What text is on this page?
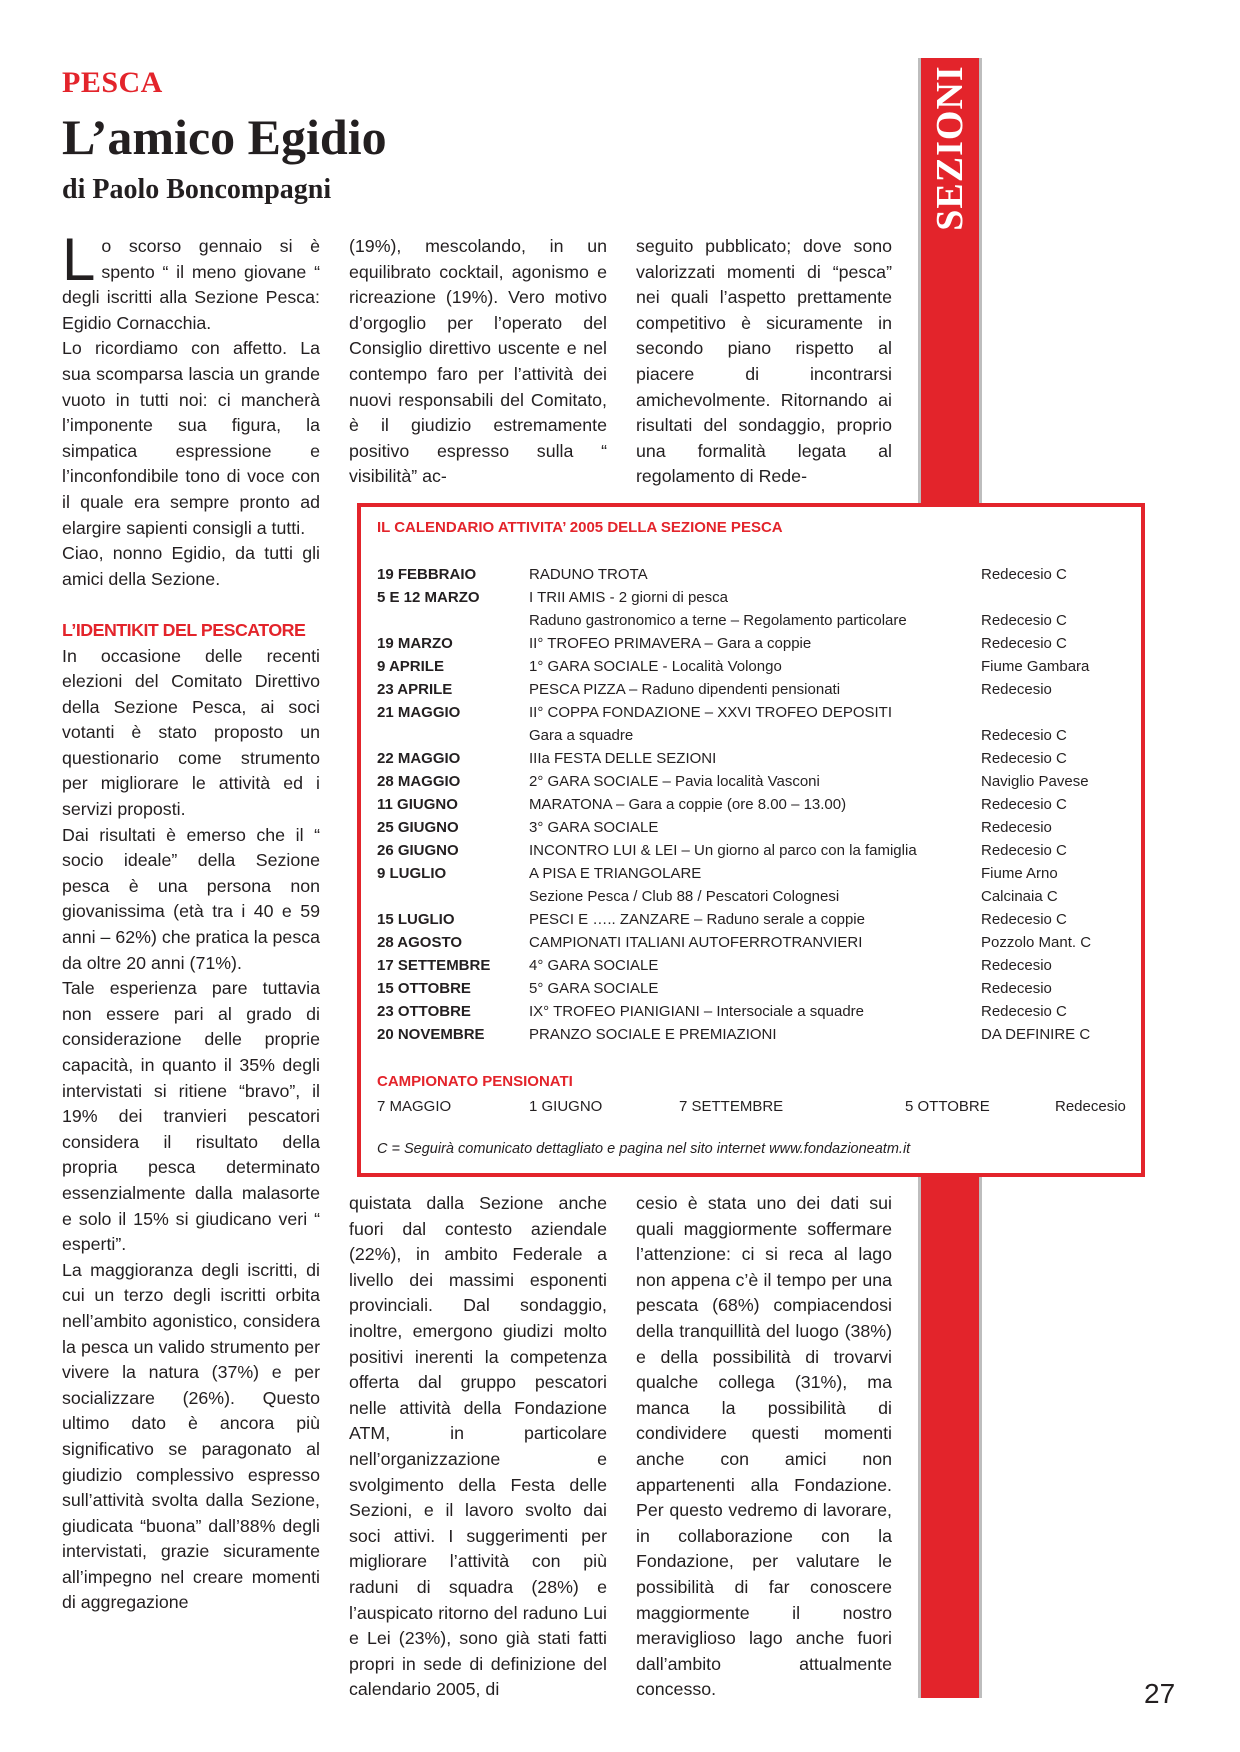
PESCA
L’amico Egidio
di Paolo Boncompagni	SEZIONI

Lo scorso gennaio si è spento “ il meno giovane “ degli iscritti alla Sezione Pesca: Egidio Cornacchia.

Lo ricordiamo con affetto. La sua scomparsa lascia un grande vuoto in tutti noi: ci mancherà l’imponente sua figura, la simpatica espressione e l’inconfondibile tono di voce con il quale era sempre pronto ad elargire sapienti consigli a tutti.

Ciao, nonno Egidio, da tutti gli amici della Sezione.

L’IDENTIKIT DEL PESCATORE

In occasione delle recenti elezioni del Comitato Direttivo della Sezione Pesca, ai soci votanti è stato proposto un questionario come strumento per migliorare le attività ed i servizi proposti.

Dai risultati è emerso che il “ socio ideale” della Sezione pesca è una persona non giovanissima (età tra i 40 e 59 anni – 62%) che pratica la pesca da oltre 20 anni (71%).

Tale esperienza pare tuttavia non essere pari al grado di considerazione delle proprie capacità, in quanto il 35% degli intervistati si ritiene “bravo”, il 19% dei tranvieri pescatori considera il risultato della propria pesca determinato essenzialmente dalla malasorte e solo il 15% si giudicano veri “ esperti”.

La maggioranza degli iscritti, di cui un terzo degli iscritti orbita nell’ambito agonistico, considera la pesca un valido strumento per vivere la natura (37%) e per socializzare (26%). Questo ultimo dato è ancora più significativo se paragonato al giudizio complessivo espresso sull’attività svolta dalla Sezione, giudicata “buona” dall’88% degli intervistati, grazie sicuramente all’impegno nel creare momenti di aggregazione

(19%), mescolando, in un equilibrato cocktail, agonismo e ricreazione (19%). Vero motivo d’orgoglio per l’operato del Consiglio direttivo uscente e nel contempo faro per l’attività dei nuovi responsabili del Comitato, è il giudizio estremamente positivo espresso sulla “ visibilità” ac-

seguito pubblicato; dove sono valorizzati momenti di “pesca” nei quali l’aspetto prettamente competitivo è sicuramente in secondo piano rispetto al piacere di incontrarsi amichevolmente. Ritornando ai risultati del sondaggio, proprio una formalità legata al regolamento di Rede-

IL CALENDARIO ATTIVITA’ 2005 DELLA SEZIONE PESCA
19 FEBBRAIO	RADUNO TROTA	Redecesio C
5 E 12 MARZO	I TRII AMIS - 2 giorni di pesca
Raduno gastronomico a terne – Regolamento particolare	Redecesio C
19 MARZO	II° TROFEO PRIMAVERA – Gara a coppie	Redecesio C
9 APRILE	1° GARA SOCIALE - Località Volongo	Fiume Gambara
23 APRILE	PESCA PIZZA – Raduno dipendenti pensionati	Redecesio
21 MAGGIO	II° COPPA FONDAZIONE – XXVI TROFEO DEPOSITI
Gara a squadre	Redecesio C
22 MAGGIO	IIIa FESTA DELLE SEZIONI	Redecesio C
28 MAGGIO	2° GARA SOCIALE – Pavia località Vasconi	Naviglio Pavese
11 GIUGNO	MARATONA – Gara a coppie (ore 8.00 – 13.00)	Redecesio C
25 GIUGNO	3° GARA SOCIALE	Redecesio
26 GIUGNO	INCONTRO LUI & LEI – Un giorno al parco con la famiglia	Redecesio C
9 LUGLIO	A PISA E TRIANGOLARE	Fiume Arno
Sezione Pesca / Club 88 / Pescatori Colognesi	Calcinaia C
15 LUGLIO	PESCI E ….. ZANZARE – Raduno serale a coppie	Redecesio C
28 AGOSTO	CAMPIONATI ITALIANI AUTOFERROTRANVIERI	Pozzolo Mant. C
17 SETTEMBRE	4° GARA SOCIALE	Redecesio
15 OTTOBRE	5° GARA SOCIALE	Redecesio
23 OTTOBRE	IX° TROFEO PIANIGIANI – Intersociale a squadre	Redecesio C
20 NOVEMBRE	PRANZO SOCIALE E PREMIAZIONI	DA DEFINIRE C
CAMPIONATO PENSIONATI
7 MAGGIO	1 GIUGNO	7 SETTEMBRE	5 OTTOBRE	Redecesio

C = Seguirà comunicato dettagliato e pagina nel sito internet www.fondazioneatm.it

quistata dalla Sezione anche fuori dal contesto aziendale (22%), in ambito Federale a livello dei massimi esponenti provinciali. Dal sondaggio, inoltre, emergono giudizi molto positivi inerenti la competenza offerta dal gruppo pescatori nelle attività della Fondazione ATM, in particolare nell’organizzazione e svolgimento della Festa delle Sezioni, e il lavoro svolto dai soci attivi. I suggerimenti per migliorare l’attività con più raduni di squadra (28%) e l’auspicato ritorno del raduno Lui e Lei (23%), sono già stati fatti propri in sede di definizione del calendario 2005, di

cesio è stata uno dei dati sui quali maggiormente soffermare l’attenzione: ci si reca al lago non appena c’è il tempo per una pescata (68%) compiacendosi della tranquillità del luogo (38%) e della possibilità di trovarvi qualche collega (31%), ma manca la possibilità di condividere questi momenti anche con amici non appartenenti alla Fondazione. Per questo vedremo di lavorare, in collaborazione con la Fondazione, per valutare le possibilità di far conoscere maggiormente il nostro meraviglioso lago anche fuori dall’ambito attualmente concesso.	27
